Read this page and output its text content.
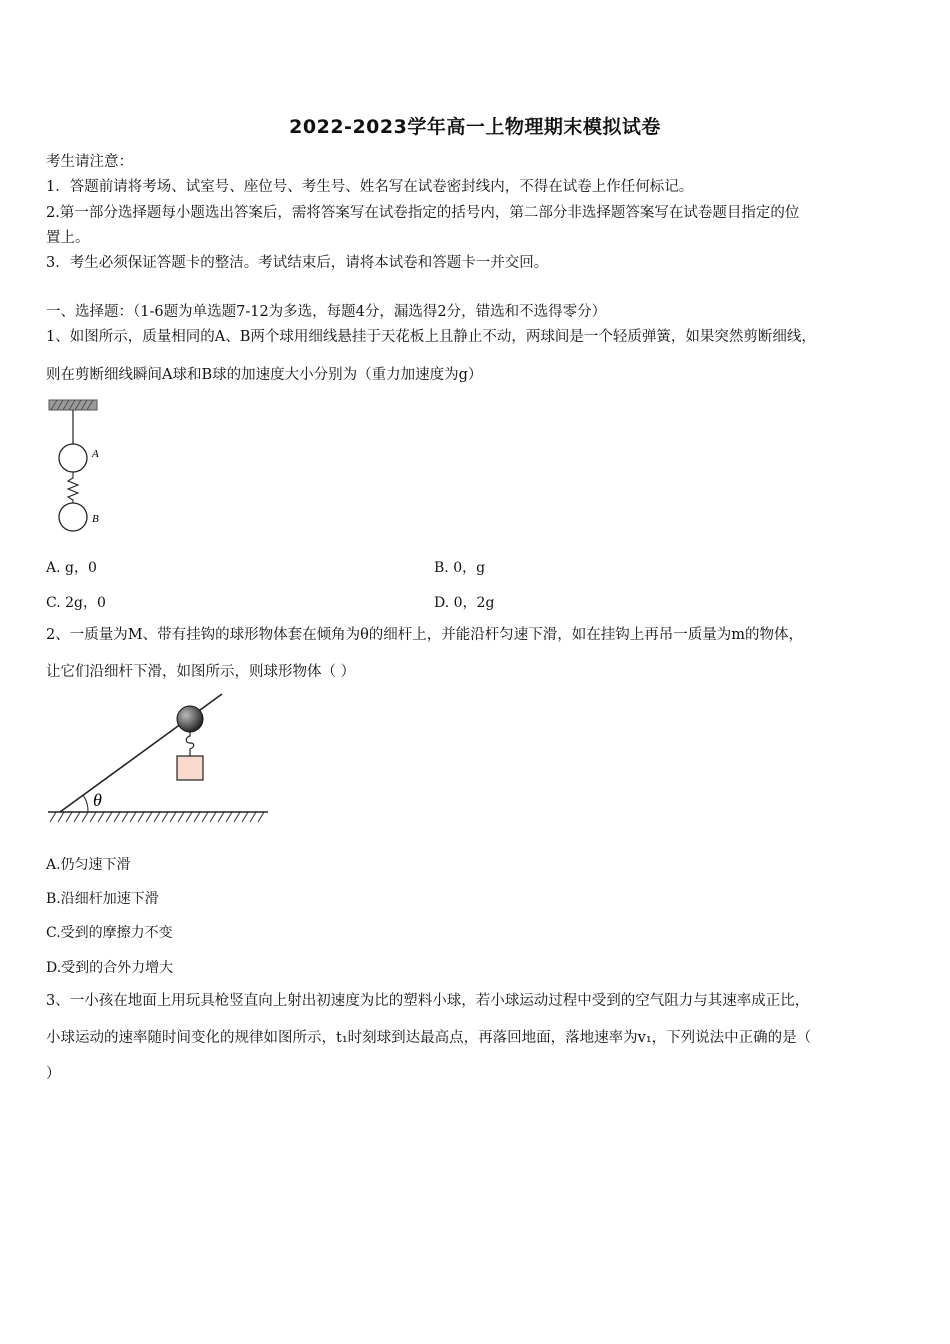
2022-2023学年高一上物理期末模拟试卷
考生请注意：
1．答题前请将考场、试室号、座位号、考生号、姓名写在试卷密封线内，不得在试卷上作任何标记。
2.第一部分选择题每小题选出答案后，需将答案写在试卷指定的括号内，第二部分非选择题答案写在试卷题目指定的位
置上。
3．考生必须保证答题卡的整洁。考试结束后，请将本试卷和答题卡一并交回。
一、选择题：（1-6题为单选题7-12为多选，每题4分，漏选得2分，错选和不选得零分）
1、如图所示，质量相同的A、B两个球用细线悬挂于天花板上且静止不动，两球间是一个轻质弹簧，如果突然剪断细线，
则在剪断细线瞬间A球和B球的加速度大小分别为（重力加速度为g）
A
B
A. g，0	B. 0，g
C. 2g，0	D. 0，2g
2、一质量为M、带有挂钩的球形物体套在倾角为θ的细杆上，并能沿杆匀速下滑，如在挂钩上再吊一质量为m的物体，
让它们沿细杆下滑，如图所示，则球形物体（ ）
θ
A.仍匀速下滑
B.沿细杆加速下滑
C.受到的摩擦力不变
D.受到的合外力增大
3、一小孩在地面上用玩具枪竖直向上射出初速度为比的塑料小球，若小球运动过程中受到的空气阻力与其速率成正比，
小球运动的速率随时间变化的规律如图所示，t₁时刻球到达最高点，再落回地面，落地速率为v₁，下列说法中正确的是（
）
